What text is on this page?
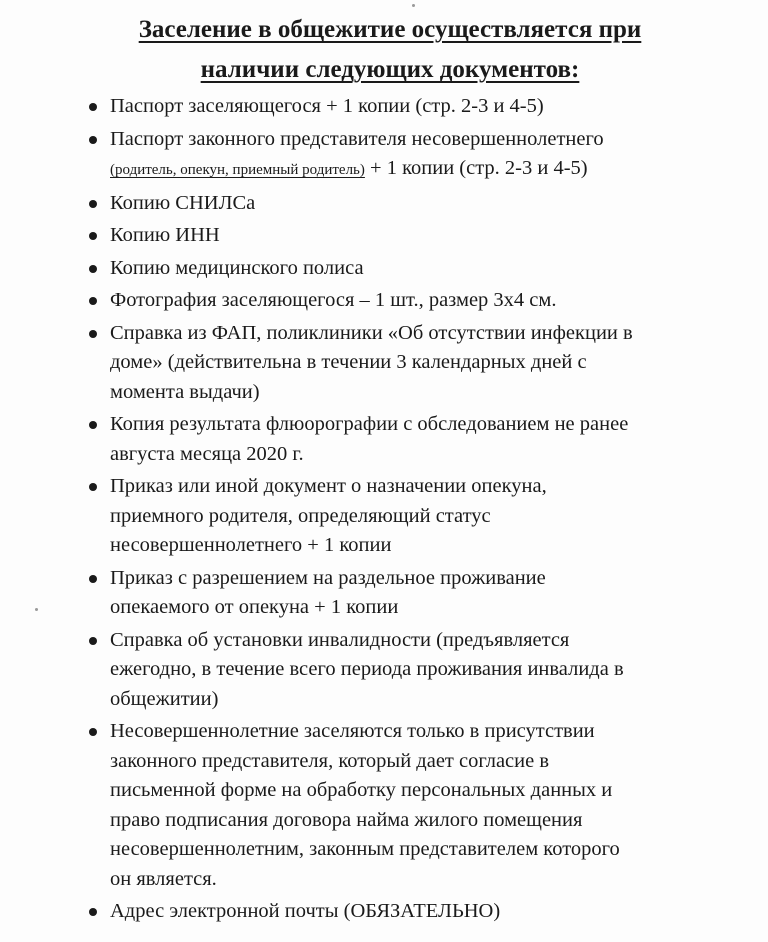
Заселение в общежитие осуществляется при
наличии следующих документов:
Паспорт заселяющегося + 1 копии (стр. 2-3 и 4-5)
Паспорт законного представителя несовершеннолетнего
(родитель, опекун, приемный родитель) + 1 копии (стр. 2-3 и 4-5)
Копию СНИЛСа
Копию ИНН
Копию медицинского полиса
Фотография заселяющегося – 1 шт., размер 3х4 см.
Справка из ФАП, поликлиники «Об отсутствии инфекции в
доме» (действительна в течении 3 календарных дней с
момента выдачи)
Копия результата флюорографии с обследованием не ранее
августа месяца 2020 г.
Приказ или иной документ о назначении опекуна,
приемного родителя, определяющий статус
несовершеннолетнего + 1 копии
Приказ с разрешением на раздельное проживание
опекаемого от опекуна + 1 копии
Справка об установки инвалидности (предъявляется
ежегодно, в течение всего периода проживания инвалида в
общежитии)
Несовершеннолетние заселяются только в присутствии
законного представителя, который дает согласие в
письменной форме на обработку персональных данных и
право подписания договора найма жилого помещения
несовершеннолетним, законным представителем которого
он является.
Адрес электронной почты (ОБЯЗАТЕЛЬНО)
